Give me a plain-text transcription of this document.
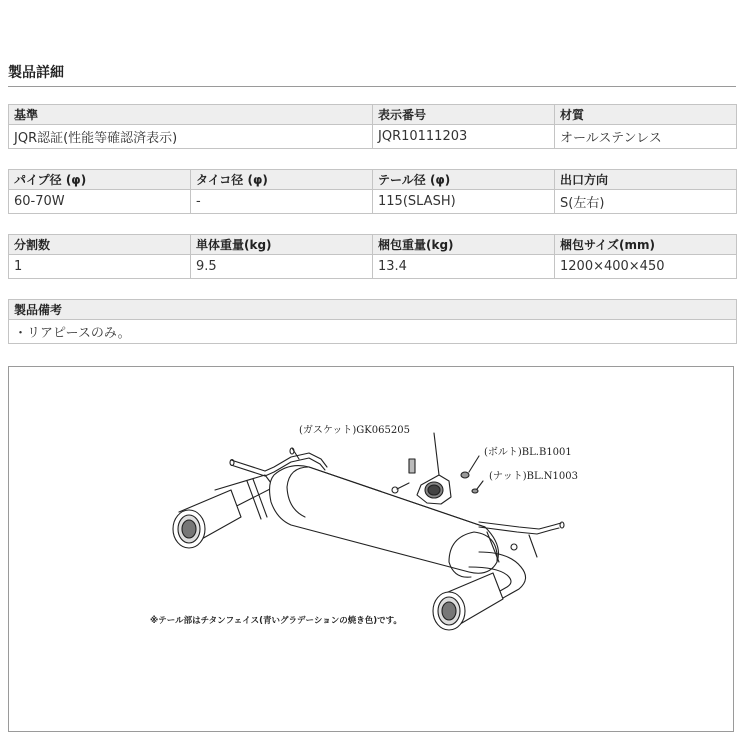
製品詳細
基準	表示番号	材質
JQR認証(性能等確認済表示)	JQR10111203	オールステンレス
パイプ径 (φ)	タイコ径 (φ)	テール径 (φ)	出口方向
60-70W	-	115(SLASH)	S(左右)
分割数	単体重量(kg)	梱包重量(kg)	梱包サイズ(mm)
1	9.5	13.4	1200×400×450
製品備考
・リアピースのみ。
(ガスケット)GK065205
(ボルト)BL.B1001
(ナット)BL.N1003
※テール部はチタンフェイス(青いグラデーションの焼き色)です。
